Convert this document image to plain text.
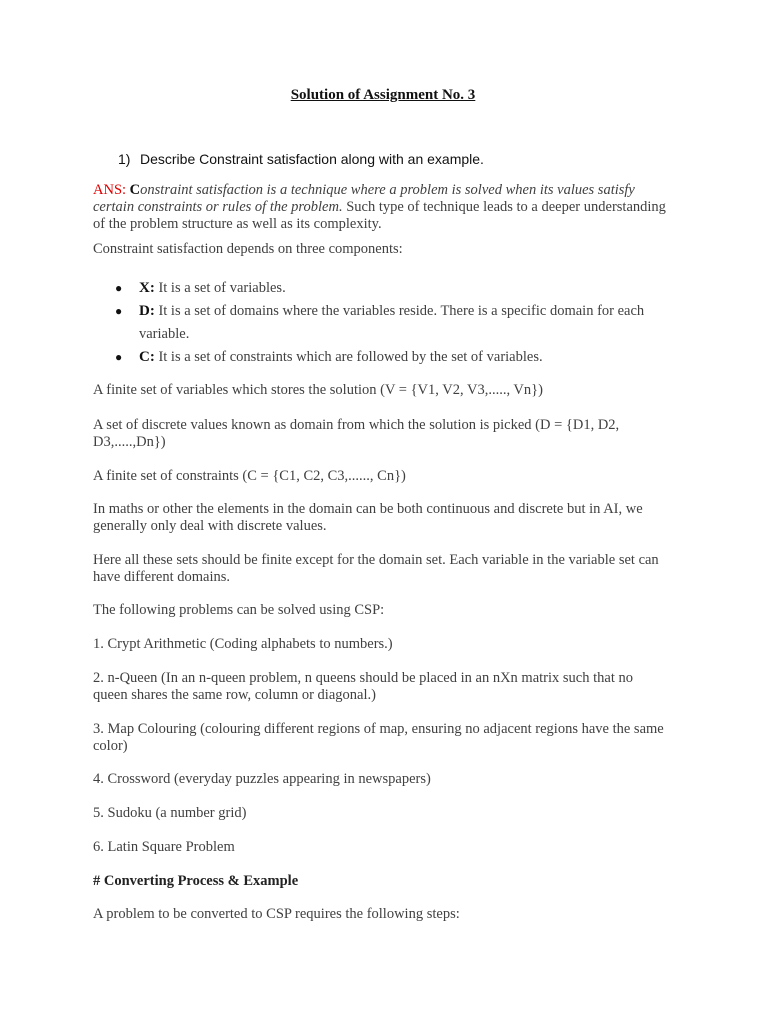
Solution of Assignment No. 3
1) Describe Constraint satisfaction along with an example.
ANS: Constraint satisfaction is a technique where a problem is solved when its values satisfy certain constraints or rules of the problem. Such type of technique leads to a deeper understanding of the problem structure as well as its complexity.
Constraint satisfaction depends on three components:
● X: It is a set of variables.
● D: It is a set of domains where the variables reside. There is a specific domain for each variable.
● C: It is a set of constraints which are followed by the set of variables.
A finite set of variables which stores the solution (V = {V1, V2, V3,....., Vn})
A set of discrete values known as domain from which the solution is picked (D = {D1, D2, D3,.....,Dn})
A finite set of constraints (C = {C1, C2, C3,......, Cn})
In maths or other the elements in the domain can be both continuous and discrete but in AI, we generally only deal with discrete values.
Here all these sets should be finite except for the domain set. Each variable in the variable set can have different domains.
The following problems can be solved using CSP:
1. Crypt Arithmetic (Coding alphabets to numbers.)
2. n-Queen (In an n-queen problem, n queens should be placed in an nXn matrix such that no queen shares the same row, column or diagonal.)
3. Map Colouring (colouring different regions of map, ensuring no adjacent regions have the same color)
4. Crossword (everyday puzzles appearing in newspapers)
5. Sudoku (a number grid)
6. Latin Square Problem
# Converting Process & Example
A problem to be converted to CSP requires the following steps:
